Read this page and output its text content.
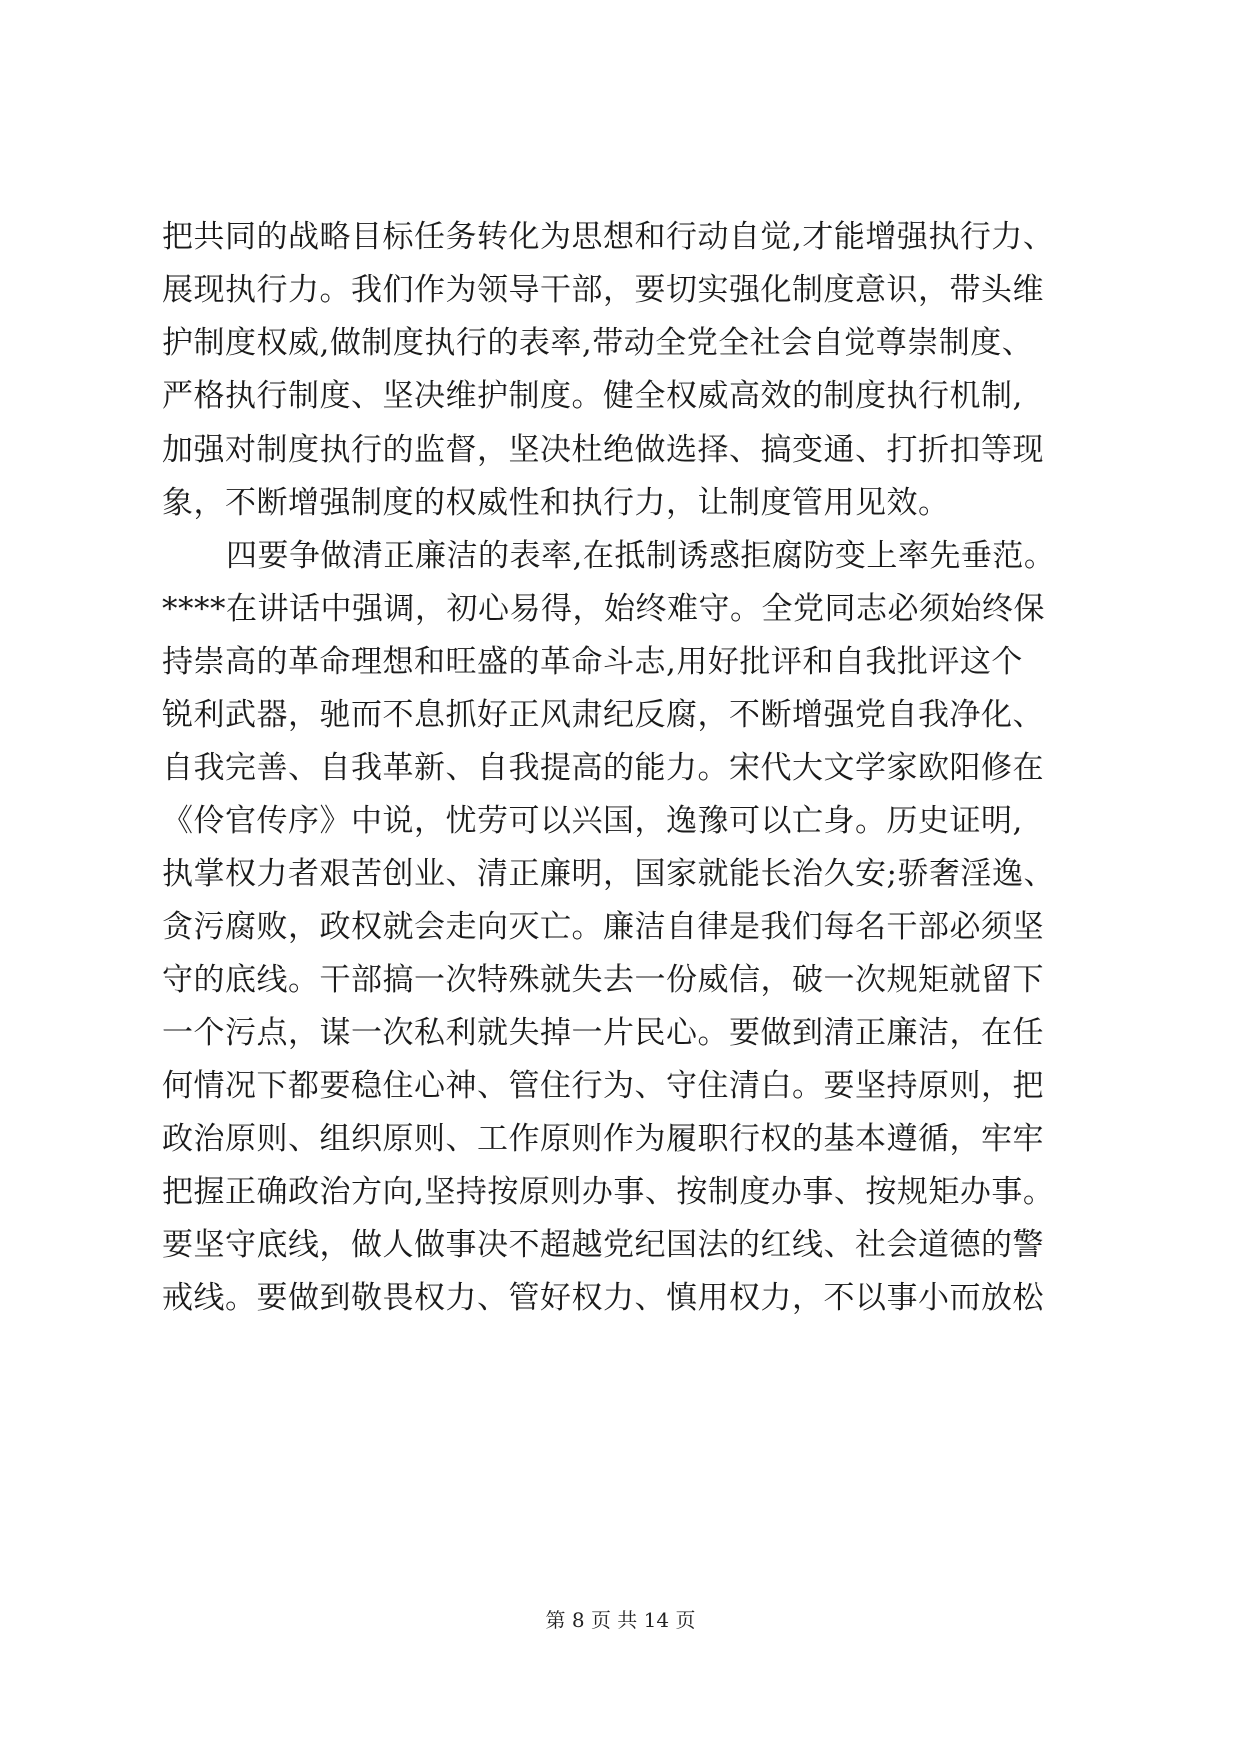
把共同的战略目标任务转化为思想和行动自觉,才能增强执行力、
展现执行力。我们作为领导干部，要切实强化制度意识，带头维
护制度权威,做制度执行的表率,带动全党全社会自觉尊崇制度、
严格执行制度、坚决维护制度。健全权威高效的制度执行机制,
加强对制度执行的监督，坚决杜绝做选择、搞变通、打折扣等现
象，不断增强制度的权威性和执行力，让制度管用见效。
四要争做清正廉洁的表率,在抵制诱惑拒腐防变上率先垂范。
****在讲话中强调，初心易得，始终难守。全党同志必须始终保
持崇高的革命理想和旺盛的革命斗志,用好批评和自我批评这个
锐利武器，驰而不息抓好正风肃纪反腐，不断增强党自我净化、
自我完善、自我革新、自我提高的能力。宋代大文学家欧阳修在
《伶官传序》中说，忧劳可以兴国，逸豫可以亡身。历史证明,
执掌权力者艰苦创业、清正廉明，国家就能长治久安;骄奢淫逸、
贪污腐败，政权就会走向灭亡。廉洁自律是我们每名干部必须坚
守的底线。干部搞一次特殊就失去一份威信，破一次规矩就留下
一个污点，谋一次私利就失掉一片民心。要做到清正廉洁，在任
何情况下都要稳住心神、管住行为、守住清白。要坚持原则，把
政治原则、组织原则、工作原则作为履职行权的基本遵循，牢牢
把握正确政治方向,坚持按原则办事、按制度办事、按规矩办事。
要坚守底线，做人做事决不超越党纪国法的红线、社会道德的警
戒线。要做到敬畏权力、管好权力、慎用权力，不以事小而放松
第 8 页 共 14 页
